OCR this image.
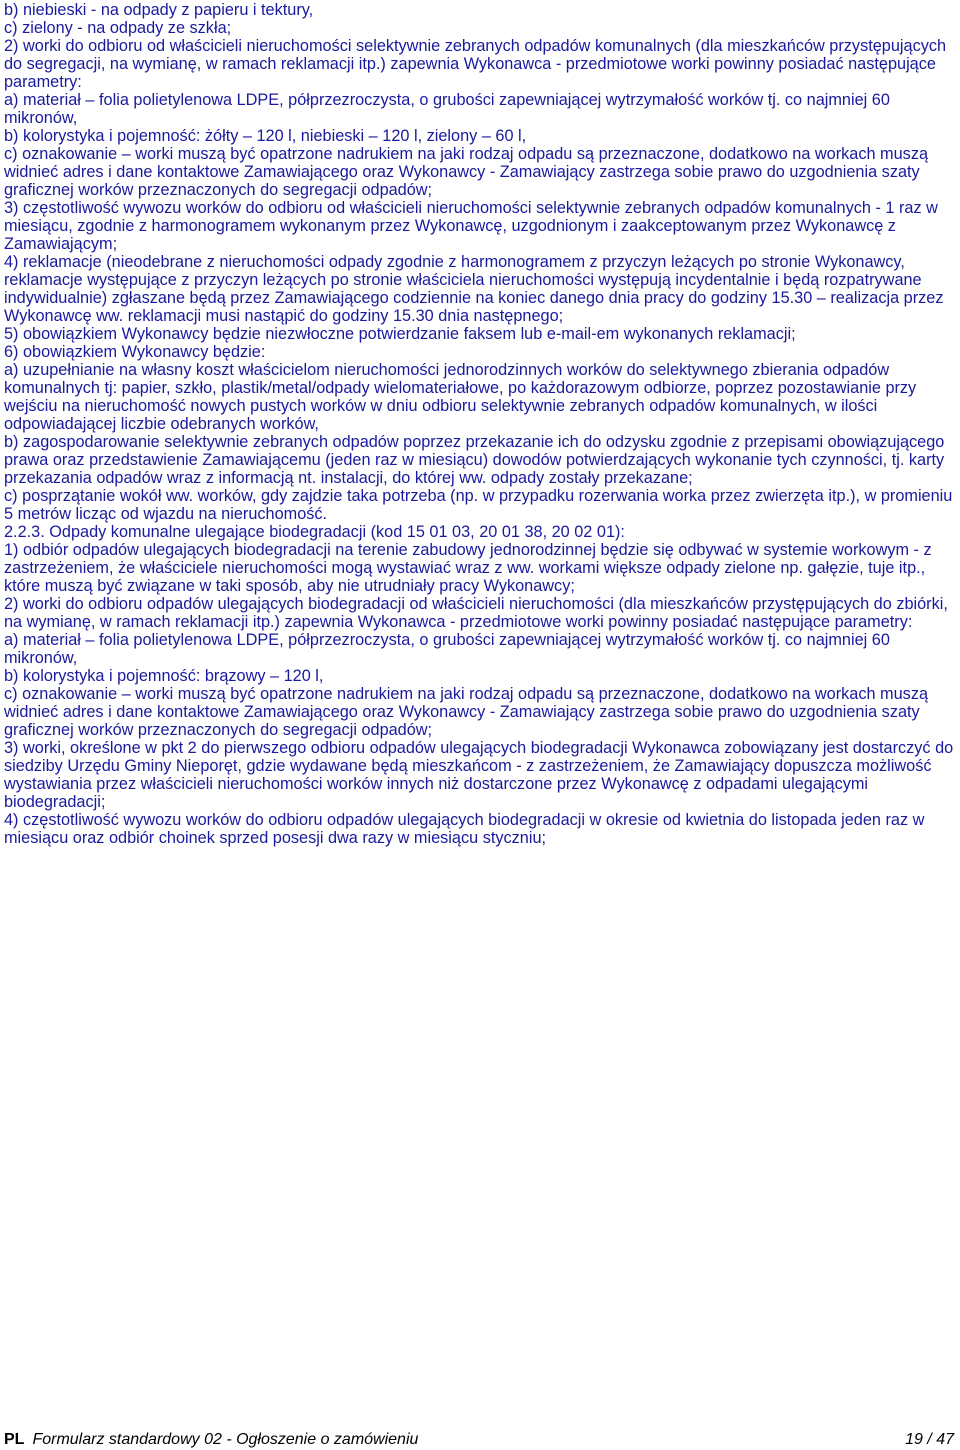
b) niebieski - na odpady z papieru i tektury,

c) zielony - na odpady ze szkła;

2) worki do odbioru od właścicieli nieruchomości selektywnie zebranych odpadów komunalnych (dla mieszkańców przystępujących do segregacji, na wymianę, w ramach reklamacji itp.) zapewnia Wykonawca - przedmiotowe worki powinny posiadać następujące parametry:

a) materiał – folia polietylenowa LDPE, półprzezroczysta, o grubości zapewniającej wytrzymałość worków tj. co najmniej 60 mikronów,

b) kolorystyka i pojemność: żółty – 120 l, niebieski – 120 l, zielony – 60 l,

c) oznakowanie – worki muszą być opatrzone nadrukiem na jaki rodzaj odpadu są przeznaczone, dodatkowo na workach muszą widnieć adres i dane kontaktowe Zamawiającego oraz Wykonawcy - Zamawiający zastrzega sobie prawo do uzgodnienia szaty graficznej worków przeznaczonych do segregacji odpadów;

3) częstotliwość wywozu worków do odbioru od właścicieli nieruchomości selektywnie zebranych odpadów komunalnych - 1 raz w miesiącu, zgodnie z harmonogramem wykonanym przez Wykonawcę, uzgodnionym i zaakceptowanym przez Wykonawcę z Zamawiającym;

4) reklamacje (nieodebrane z nieruchomości odpady zgodnie z harmonogramem z przyczyn leżących po stronie Wykonawcy, reklamacje występujące z przyczyn leżących po stronie właściciela nieruchomości występują incydentalnie i będą rozpatrywane indywidualnie) zgłaszane będą przez Zamawiającego codziennie na koniec danego dnia pracy do godziny 15.30 – realizacja przez Wykonawcę ww. reklamacji musi nastąpić do godziny 15.30 dnia następnego;

5) obowiązkiem Wykonawcy będzie niezwłoczne potwierdzanie faksem lub e-mail-em wykonanych reklamacji;

6) obowiązkiem Wykonawcy będzie:

a) uzupełnianie na własny koszt właścicielom nieruchomości jednorodzinnych worków do selektywnego zbierania odpadów komunalnych tj: papier, szkło, plastik/metal/odpady wielomateriałowe, po każdorazowym odbiorze, poprzez pozostawianie przy wejściu na nieruchomość nowych pustych worków w dniu odbioru selektywnie zebranych odpadów komunalnych, w ilości odpowiadającej liczbie odebranych worków,

b) zagospodarowanie selektywnie zebranych odpadów poprzez przekazanie ich do odzysku zgodnie z przepisami obowiązującego prawa oraz przedstawienie Zamawiającemu (jeden raz w miesiącu) dowodów potwierdzających wykonanie tych czynności, tj. karty przekazania odpadów wraz z informacją nt. instalacji, do której ww. odpady zostały przekazane;

c) posprzątanie wokół ww. worków, gdy zajdzie taka potrzeba (np. w przypadku rozerwania worka przez zwierzęta itp.), w promieniu 5 metrów licząc od wjazdu na nieruchomość.

2.2.3. Odpady komunalne ulegające biodegradacji (kod 15 01 03, 20 01 38, 20 02 01):

1) odbiór odpadów ulegających biodegradacji na terenie zabudowy jednorodzinnej będzie się odbywać w systemie workowym - z zastrzeżeniem, że właściciele nieruchomości mogą wystawiać wraz z ww. workami większe odpady zielone np. gałęzie, tuje itp., które muszą być związane w taki sposób, aby nie utrudniały pracy Wykonawcy;

2) worki do odbioru odpadów ulegających biodegradacji od właścicieli nieruchomości (dla mieszkańców przystępujących do zbiórki, na wymianę, w ramach reklamacji itp.) zapewnia Wykonawca - przedmiotowe worki powinny posiadać następujące parametry:

a) materiał – folia polietylenowa LDPE, półprzezroczysta, o grubości zapewniającej wytrzymałość worków tj. co najmniej 60 mikronów,

b) kolorystyka i pojemność: brązowy – 120 l,

c) oznakowanie – worki muszą być opatrzone nadrukiem na jaki rodzaj odpadu są przeznaczone, dodatkowo na workach muszą widnieć adres i dane kontaktowe Zamawiającego oraz Wykonawcy - Zamawiający zastrzega sobie prawo do uzgodnienia szaty graficznej worków przeznaczonych do segregacji odpadów;

3) worki, określone w pkt 2 do pierwszego odbioru odpadów ulegających biodegradacji Wykonawca zobowiązany jest dostarczyć do siedziby Urzędu Gminy Nieporęt, gdzie wydawane będą mieszkańcom - z zastrzeżeniem, że Zamawiający dopuszcza możliwość wystawiania przez właścicieli nieruchomości worków innych niż dostarczone przez Wykonawcę z odpadami ulegającymi biodegradacji;

4) częstotliwość wywozu worków do odbioru odpadów ulegających biodegradacji w okresie od kwietnia do listopada jeden raz w miesiącu oraz odbiór choinek sprzed posesji dwa razy w miesiącu styczniu;

PL Formularz standardowy 02 - Ogłoszenie o zamówieniu	19 / 47
